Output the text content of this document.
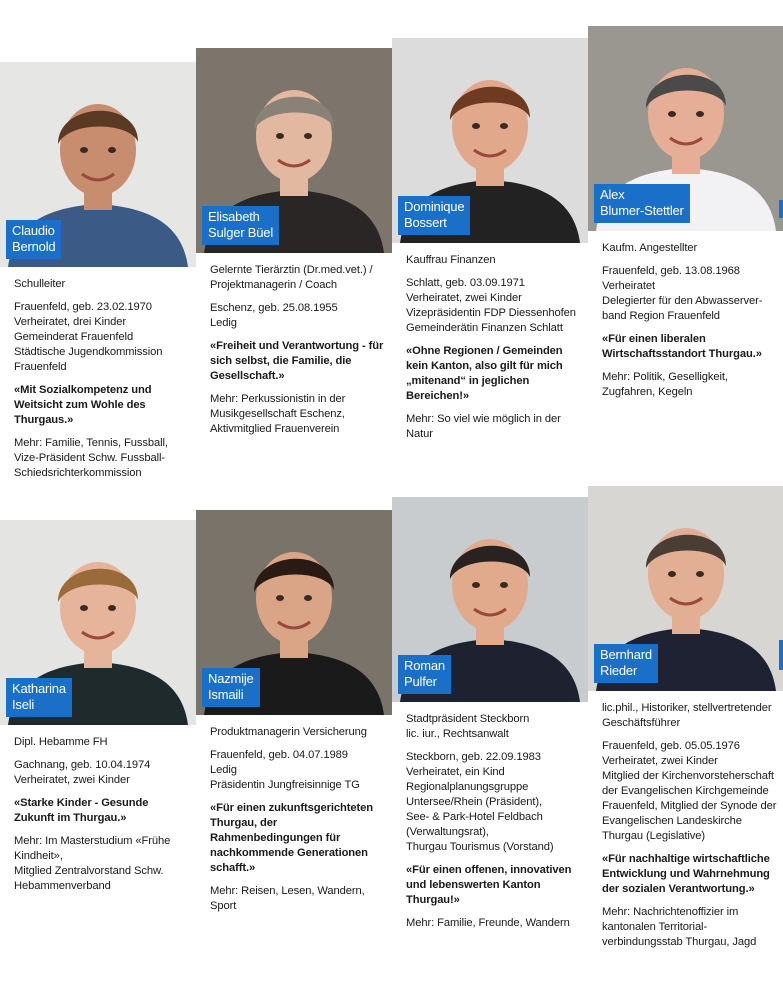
Claudio
Bernold

Schulleiter

Frauenfeld, geb. 23.02.1970
Verheiratet, drei Kinder
Gemeinderat Frauenfeld
Städtische Jugendkommission
Frauenfeld

«Mit Sozialkompetenz und Weitsicht zum Wohle des Thurgaus.»

Mehr: Familie, Tennis, Fussball, Vize-Präsident Schw. Fussball-Schiedsrichterkommission

Elisabeth
Sulger Büel

Gelernte Tierärztin (Dr.med.vet.) / Projektmanagerin / Coach

Eschenz, geb. 25.08.1955
Ledig

«Freiheit und Verantwortung - für sich selbst, die Familie, die Gesellschaft.»

Mehr: Perkussionistin in der Musikgesellschaft Eschenz, Aktivmitglied Frauenverein

Dominique
Bossert

Kauffrau Finanzen

Schlatt, geb. 03.09.1971
Verheiratet, zwei Kinder
Vizepräsidentin FDP Diessenhofen
Gemeinderätin Finanzen Schlatt

«Ohne Regionen / Gemeinden kein Kanton, also gilt für mich „mitenand“ in jeglichen Bereichen!»

Mehr: So viel wie möglich in der Natur

Alex
Blumer-Stettler

Kaufm. Angestellter

Frauenfeld, geb. 13.08.1968
Verheiratet
Delegierter für den Abwasserver-band Region Frauenfeld

«Für einen liberalen Wirtschaftsstandort Thurgau.»

Mehr: Politik, Geselligkeit, Zugfahren, Kegeln

Katharina
Iseli

Dipl. Hebamme FH

Gachnang, geb. 10.04.1974
Verheiratet, zwei Kinder

«Starke Kinder - Gesunde Zukunft im Thurgau.»

Mehr: Im Masterstudium «Frühe Kindheit»,
Mitglied Zentralvorstand Schw. Hebammenverband

Nazmije
Ismaili

Produktmanagerin Versicherung

Frauenfeld, geb. 04.07.1989
Ledig
Präsidentin Jungfreisinnige TG

«Für einen zukunftsgerichteten Thurgau, der Rahmenbedingungen für nachkommende Generationen schafft.»

Mehr: Reisen, Lesen, Wandern, Sport

Roman
Pulfer

Stadtpräsident Steckborn
lic. iur., Rechtsanwalt

Steckborn, geb. 22.09.1983
Verheiratet, ein Kind
Regionalplanungsgruppe Untersee/Rhein (Präsident),
See- & Park-Hotel Feldbach (Verwaltungsrat),
Thurgau Tourismus (Vorstand)

«Für einen offenen, innovativen und lebenswerten Kanton Thurgau!»

Mehr: Familie, Freunde, Wandern

Bernhard
Rieder

lic.phil., Historiker, stellvertretender Geschäftsführer

Frauenfeld, geb. 05.05.1976
Verheiratet, zwei Kinder
Mitglied der Kirchenvorsteherschaft der Evangelischen Kirchgemeinde Frauenfeld, Mitglied der Synode der Evangelischen Landeskirche Thurgau (Legislative)

«Für nachhaltige wirtschaftliche Entwicklung und Wahrnehmung der sozialen Verantwortung.»

Mehr: Nachrichtenoffizier im kantonalen Territorial-verbindungsstab Thurgau, Jagd
